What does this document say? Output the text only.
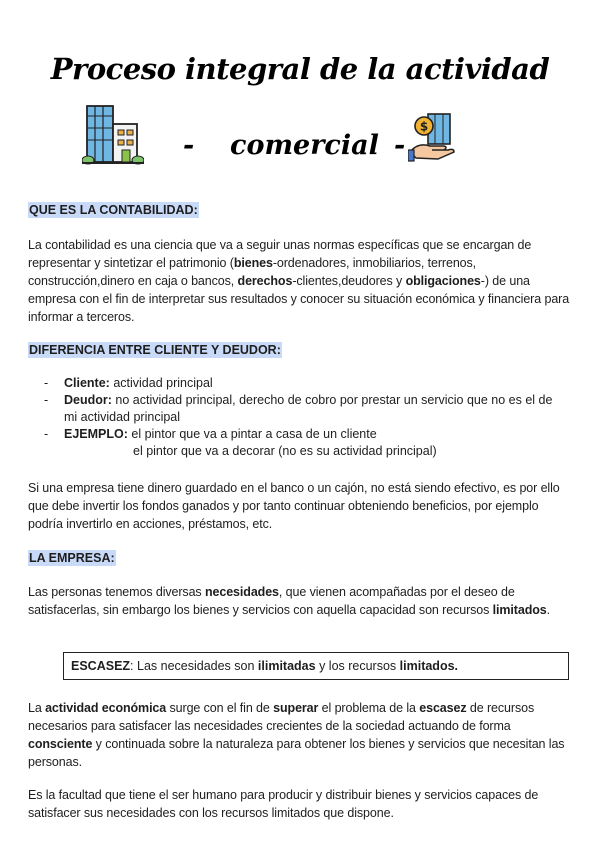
Proceso integral de la actividad
- comercial -
$
QUE ES LA CONTABILIDAD:

La contabilidad es una ciencia que va a seguir unas normas específicas que se encargan de representar y sintetizar el patrimonio (bienes-ordenadores, inmobiliarios, terrenos, construcción,dinero en caja o bancos, derechos-clientes,deudores y obligaciones-) de una empresa con el fin de interpretar sus resultados y conocer su situación económica y financiera para informar a terceros.

DIFERENCIA ENTRE CLIENTE Y DEUDOR:
- Cliente: actividad principal
- Deudor: no actividad principal, derecho de cobro por prestar un servicio que no es el de mi actividad principal
- EJEMPLO: el pintor que va a pintar a casa de un cliente
el pintor que va a decorar (no es su actividad principal)

Si una empresa tiene dinero guardado en el banco o un cajón, no está siendo efectivo, es por ello que debe invertir los fondos ganados y por tanto continuar obteniendo beneficios, por ejemplo podría invertirlo en acciones, préstamos, etc.

LA EMPRESA:

Las personas tenemos diversas necesidades, que vienen acompañadas por el deseo de satisfacerlas, sin embargo los bienes y servicios con aquella capacidad son recursos limitados.

ESCASEZ: Las necesidades son ilimitadas y los recursos limitados.

La actividad económica surge con el fin de superar el problema de la escasez de recursos necesarios para satisfacer las necesidades crecientes de la sociedad actuando de forma consciente y continuada sobre la naturaleza para obtener los bienes y servicios que necesitan las personas.

Es la facultad que tiene el ser humano para producir y distribuir bienes y servicios capaces de satisfacer sus necesidades con los recursos limitados que dispone.
